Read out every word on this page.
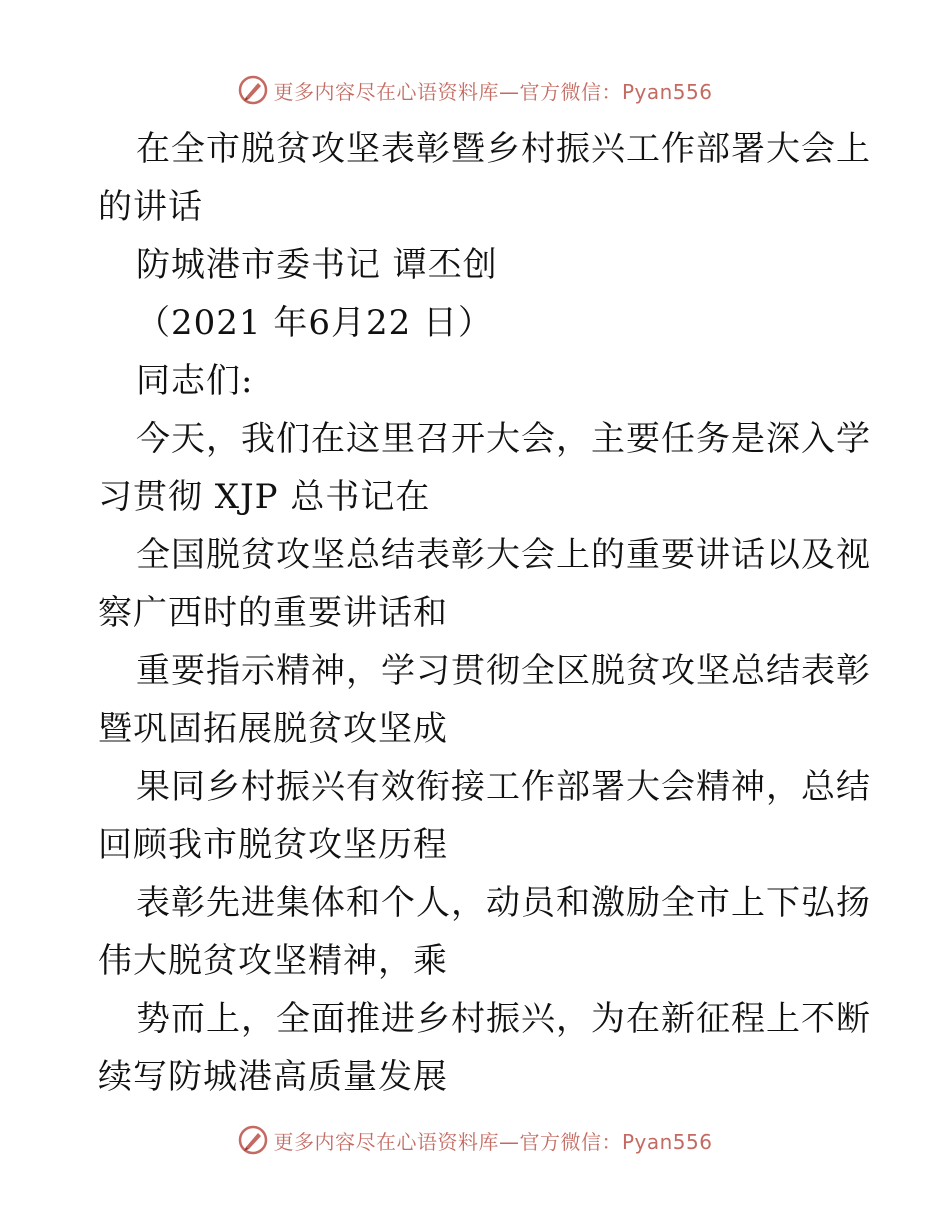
更多内容尽在心语资料库—官方微信：Pyan556
在全市脱贫攻坚表彰暨乡村振兴工作部署大会上
的讲话
防城港市委书记 谭丕创
（2021 年6月22 日）
同志们:
今天，我们在这里召开大会，主要任务是深入学
习贯彻 XJP 总书记在
全国脱贫攻坚总结表彰大会上的重要讲话以及视
察广西时的重要讲话和
重要指示精神，学习贯彻全区脱贫攻坚总结表彰
暨巩固拓展脱贫攻坚成
果同乡村振兴有效衔接工作部署大会精神，总结
回顾我市脱贫攻坚历程
表彰先进集体和个人，动员和激励全市上下弘扬
伟大脱贫攻坚精神，乘
势而上，全面推进乡村振兴，为在新征程上不断
续写防城港高质量发展
更多内容尽在心语资料库—官方微信：Pyan556
